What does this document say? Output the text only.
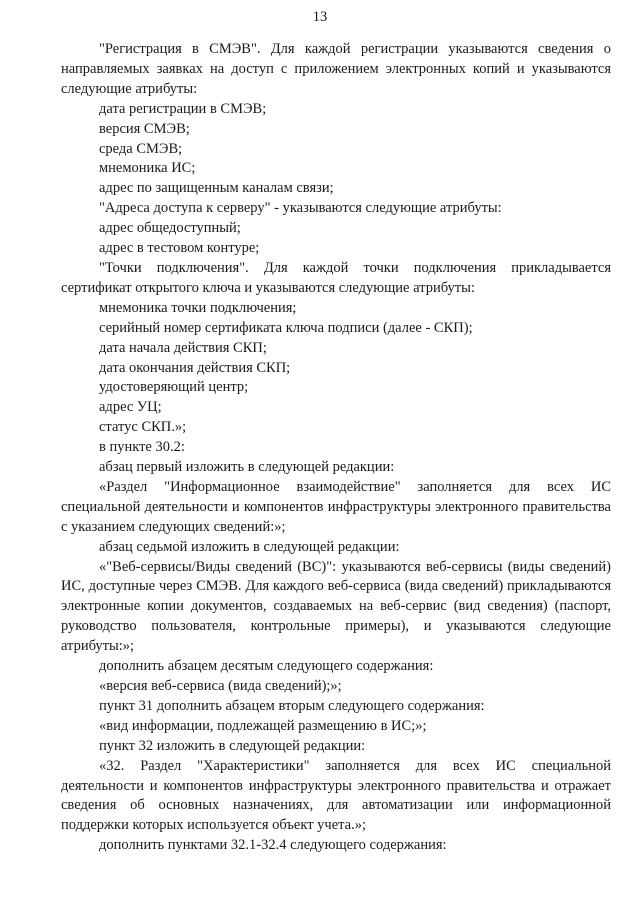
13

"Регистрация в СМЭВ". Для каждой регистрации указываются сведения о направляемых заявках на доступ с приложением электронных копий и указываются следующие атрибуты:

дата регистрации в СМЭВ;

версия СМЭВ;

среда СМЭВ;

мнемоника ИС;

адрес по защищенным каналам связи;

"Адреса доступа к серверу" - указываются следующие атрибуты:

адрес общедоступный;

адрес в тестовом контуре;

"Точки подключения". Для каждой точки подключения прикладывается сертификат открытого ключа и указываются следующие атрибуты:

мнемоника точки подключения;

серийный номер сертификата ключа подписи (далее - СКП);

дата начала действия СКП;

дата окончания действия СКП;

удостоверяющий центр;

адрес УЦ;

статус СКП.»;

в пункте 30.2:

абзац первый изложить в следующей редакции:

«Раздел "Информационное взаимодействие" заполняется для всех ИС специальной деятельности и компонентов инфраструктуры электронного правительства с указанием следующих сведений:»;

абзац седьмой изложить в следующей редакции:

«"Веб-сервисы/Виды сведений (ВС)": указываются веб-сервисы (виды сведений) ИС, доступные через СМЭВ. Для каждого веб-сервиса (вида сведений) прикладываются электронные копии документов, создаваемых на веб-сервис (вид сведения) (паспорт, руководство пользователя, контрольные примеры), и указываются следующие атрибуты:»;

дополнить абзацем десятым следующего содержания:

«версия веб-сервиса (вида сведений);»;

пункт 31 дополнить абзацем вторым следующего содержания:

«вид информации, подлежащей размещению в ИС;»;

пункт 32 изложить в следующей редакции:

«32. Раздел "Характеристики" заполняется для всех ИС специальной деятельности и компонентов инфраструктуры электронного правительства и отражает сведения об основных назначениях, для автоматизации или информационной поддержки которых используется объект учета.»;

дополнить пунктами 32.1-32.4 следующего содержания:
